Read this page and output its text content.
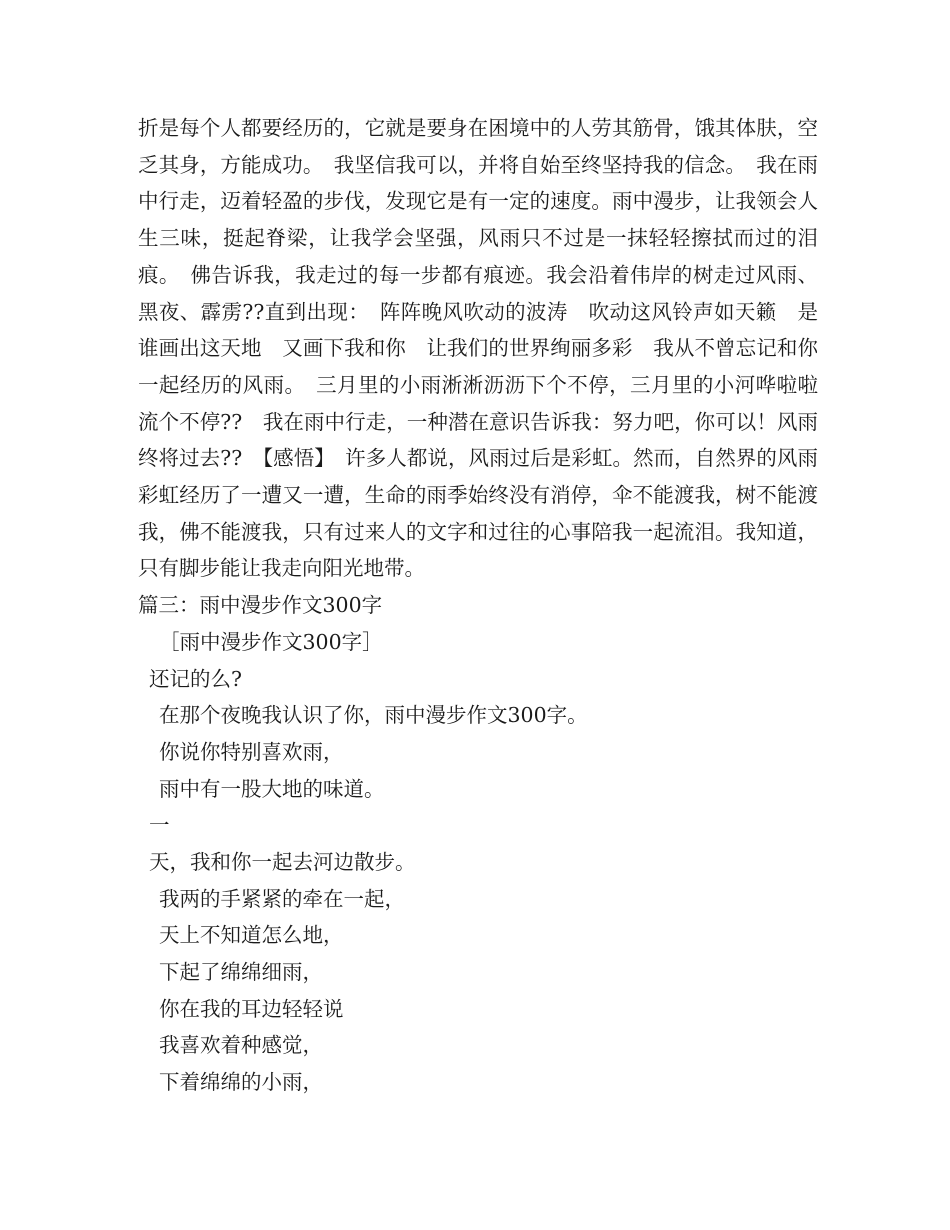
折是每个人都要经历的，它就是要身在困境中的人劳其筋骨，饿其体肤，空乏其身，方能成功。　我坚信我可以，并将自始至终坚持我的信念。　我在雨中行走，迈着轻盈的步伐，发现它是有一定的速度。雨中漫步，让我领会人生三味，挺起脊梁，让我学会坚强，风雨只不过是一抹轻轻擦拭而过的泪痕。　佛告诉我，我走过的每一步都有痕迹。我会沿着伟岸的树走过风雨、黑夜、霹雳??直到出现：　阵阵晚风吹动的波涛　吹动这风铃声如天籁　是谁画出这天地　又画下我和你　让我们的世界绚丽多彩　我从不曾忘记和你一起经历的风雨。　三月里的小雨淅淅沥沥下个不停，三月里的小河哗啦啦流个不停??　我在雨中行走，一种潜在意识告诉我：努力吧，你可以！风雨终将过去??　【感悟】　许多人都说，风雨过后是彩虹。然而，自然界的风雨彩虹经历了一遭又一遭，生命的雨季始终没有消停，伞不能渡我，树不能渡我，佛不能渡我，只有过来人的文字和过往的心事陪我一起流泪。我知道，只有脚步能让我走向阳光地带。

篇三：雨中漫步作文300字
［雨中漫步作文300字］
还记的么?
在那个夜晚我认识了你，雨中漫步作文300字。
你说你特别喜欢雨，
雨中有一股大地的味道。
一
天，我和你一起去河边散步。
我两的手紧紧的牵在一起，
天上不知道怎么地，
下起了绵绵细雨，
你在我的耳边轻轻说
我喜欢着种感觉，
下着绵绵的小雨，
